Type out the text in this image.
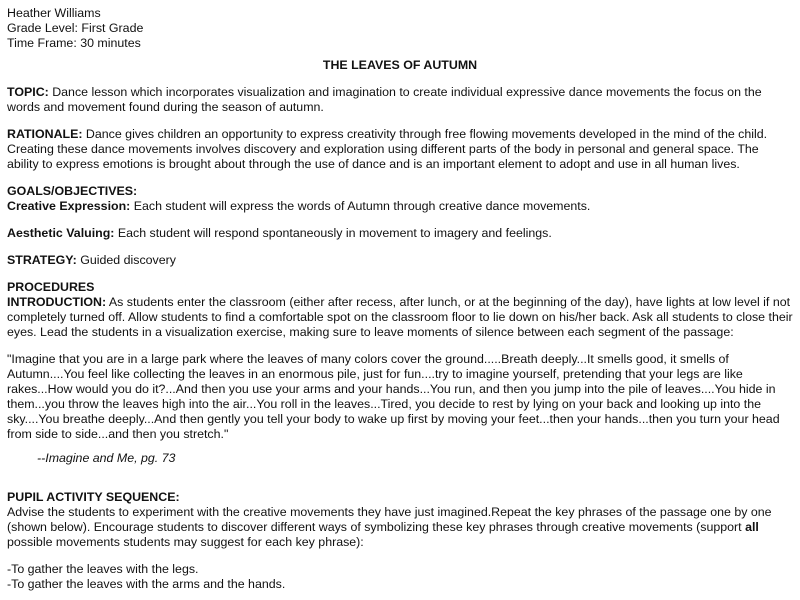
Heather Williams

Grade Level: First Grade

Time Frame: 30 minutes

THE LEAVES OF AUTUMN

TOPIC: Dance lesson which incorporates visualization and imagination to create individual expressive dance movements the focus on the words and movement found during the season of autumn.

RATIONALE: Dance gives children an opportunity to express creativity through free flowing movements developed in the mind of the child. Creating these dance movements involves discovery and exploration using different parts of the body in personal and general space. The ability to express emotions is brought about through the use of dance and is an important element to adopt and use in all human lives.

GOALS/OBJECTIVES:

Creative Expression: Each student will express the words of Autumn through creative dance movements.

Aesthetic Valuing: Each student will respond spontaneously in movement to imagery and feelings.

STRATEGY: Guided discovery

PROCEDURES

INTRODUCTION: As students enter the classroom (either after recess, after lunch, or at the beginning of the day), have lights at low level if not completely turned off. Allow students to find a comfortable spot on the classroom floor to lie down on his/her back. Ask all students to close their eyes. Lead the students in a visualization exercise, making sure to leave moments of silence between each segment of the passage:

"Imagine that you are in a large park where the leaves of many colors cover the ground.....Breath deeply...It smells good, it smells of Autumn....You feel like collecting the leaves in an enormous pile, just for fun....try to imagine yourself, pretending that your legs are like rakes...How would you do it?...And then you use your arms and your hands...You run, and then you jump into the pile of leaves....You hide in them...you throw the leaves high into the air...You roll in the leaves...Tired, you decide to rest by lying on your back and looking up into the sky....You breathe deeply...And then gently you tell your body to wake up first by moving your feet...then your hands...then you turn your head from side to side...and then you stretch."

--Imagine and Me, pg. 73

PUPIL ACTIVITY SEQUENCE:

Advise the students to experiment with the creative movements they have just imagined.Repeat the key phrases of the passage one by one (shown below). Encourage students to discover different ways of symbolizing these key phrases through creative movements (support all possible movements students may suggest for each key phrase):

-To gather the leaves with the legs.

-To gather the leaves with the arms and the hands.
